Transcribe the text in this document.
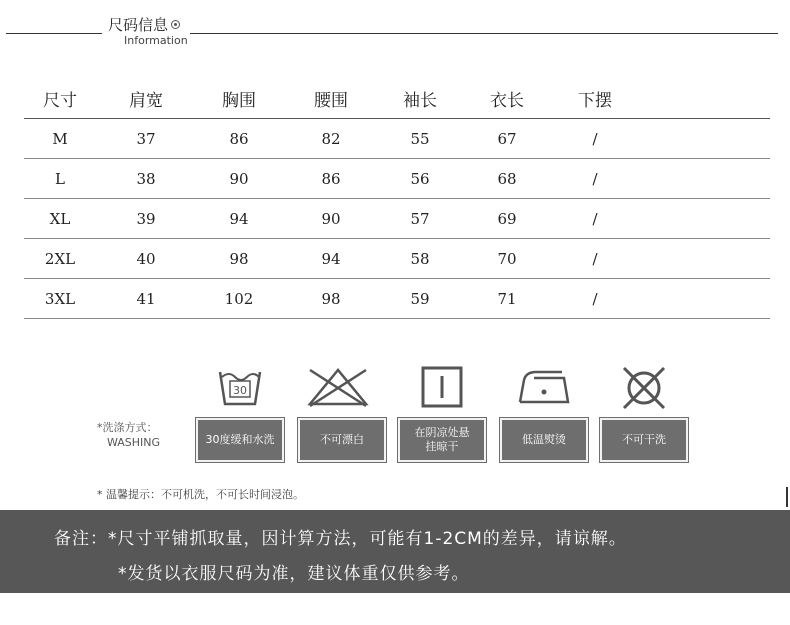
尺码信息
Information
尺寸	肩宽	胸围	腰围	袖长	衣长	下摆
M	37	86	82	55	67	/
L	38	90	86	56	68	/
XL	39	94	90	57	69	/
2XL	40	98	94	58	70	/
3XL	41	102	98	59	71	/
30
*洗涤方式：
WASHING	30度缓和水洗	不可漂白
在阴凉处悬挂晾干
低温熨烫	不可干洗
* 温馨提示：不可机洗，不可长时间浸泡。
备注：*尺寸平铺抓取量，因计算方法，可能有1-2CM的差异，请谅解。
*发货以衣服尺码为准，建议体重仅供参考。
